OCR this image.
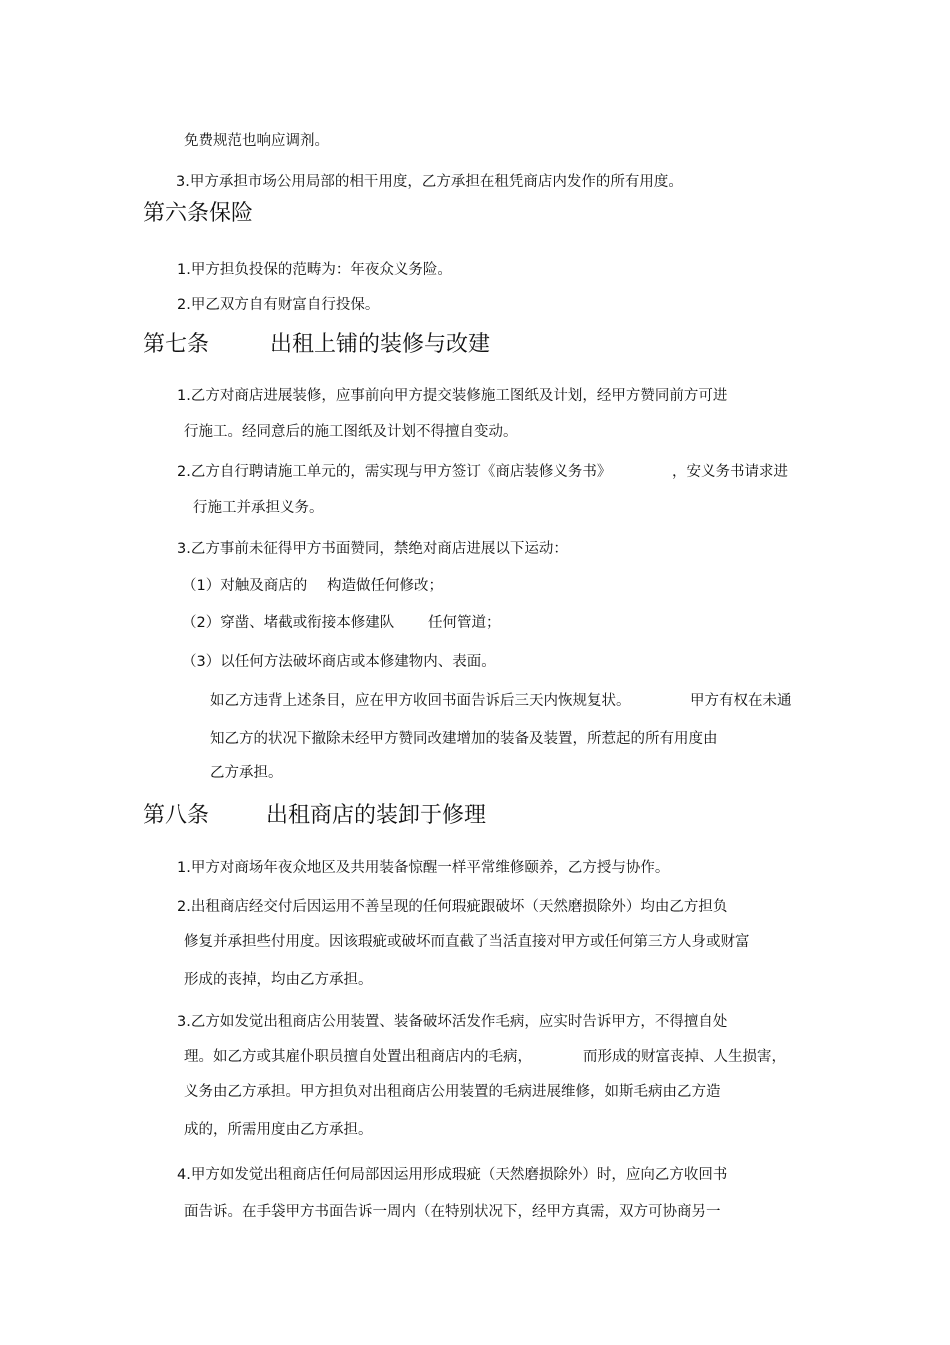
免费规范也响应调剂。
3.甲方承担市场公用局部的相干用度，乙方承担在租凭商店内发作的所有用度。
第六条保险
1.甲方担负投保的范畴为：年夜众义务险。
2.甲乙双方自有财富自行投保。
第七条	出租上铺的装修与改建
1.乙方对商店进展装修，应事前向甲方提交装修施工图纸及计划，经甲方赞同前方可进
行施工。经同意后的施工图纸及计划不得擅自变动。
2.乙方自行聘请施工单元的，需实现与甲方签订《商店装修义务书》	，安义务书请求进
行施工并承担义务。
3.乙方事前未征得甲方书面赞同，禁绝对商店进展以下运动：
（1）对触及商店的 构造做任何修改；
（2）穿凿、堵截或衔接本修建队 任何管道；
（3）以任何方法破坏商店或本修建物内、表面。
如乙方违背上述条目，应在甲方收回书面告诉后三天内恢规复状。	甲方有权在未通
知乙方的状况下撤除未经甲方赞同改建增加的装备及装置，所惹起的所有用度由
乙方承担。
第八条	出租商店的装卸于修理
1.甲方对商场年夜众地区及共用装备惊醒一样平常维修颐养，乙方授与协作。
2.出租商店经交付后因运用不善呈现的任何瑕疵跟破坏（天然磨损除外）均由乙方担负
修复并承担些付用度。因该瑕疵或破坏而直截了当活直接对甲方或任何第三方人身或财富
形成的丧掉，均由乙方承担。
3.乙方如发觉出租商店公用装置、装备破坏活发作毛病，应实时告诉甲方，不得擅自处
理。如乙方或其雇仆职员擅自处置出租商店内的毛病，	而形成的财富丧掉、人生损害，
义务由乙方承担。甲方担负对出租商店公用装置的毛病进展维修，如斯毛病由乙方造
成的，所需用度由乙方承担。
4.甲方如发觉出租商店任何局部因运用形成瑕疵（天然磨损除外）时，应向乙方收回书
面告诉。在手袋甲方书面告诉一周内（在特别状况下，经甲方真需，双方可协商另一
